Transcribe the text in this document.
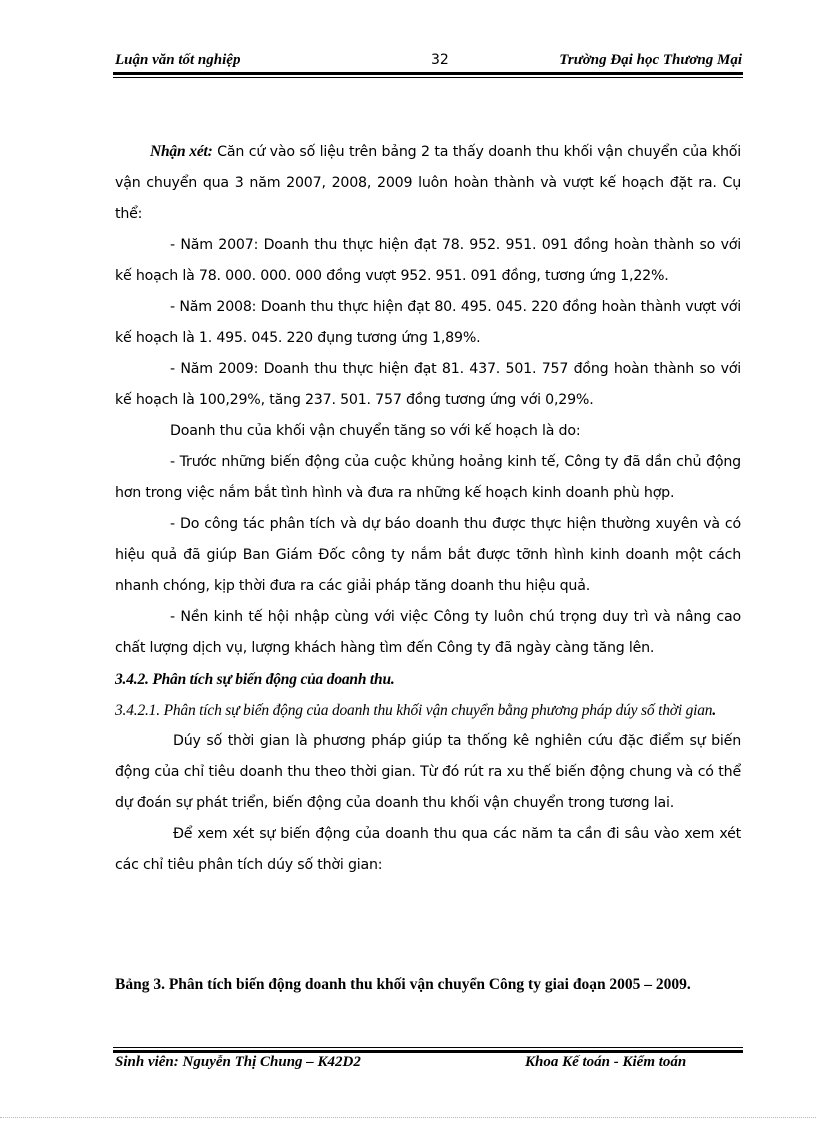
Luận văn tốt nghiệp	32	Trường Đại học Thương Mại

Nhận xét: Căn cứ vào số liệu trên bảng 2 ta thấy doanh thu khối vận chuyển của khối vận chuyển qua 3 năm 2007, 2008, 2009 luôn hoàn thành và vượt kế hoạch đặt ra. Cụ thể:

- Năm 2007: Doanh thu thực hiện đạt 78. 952. 951. 091 đồng hoàn thành so với kế hoạch là 78. 000. 000. 000 đồng vượt 952. 951. 091 đồng, tương ứng 1,22%.

- Năm 2008: Doanh thu thực hiện đạt 80. 495. 045. 220 đồng hoàn thành vượt với kế hoạch là 1. 495. 045. 220 đụng tương ứng 1,89%.

- Năm 2009: Doanh thu thực hiện đạt 81. 437. 501. 757 đồng hoàn thành so với kế hoạch là 100,29%, tăng 237. 501. 757 đồng tương ứng với 0,29%.

Doanh thu của khối vận chuyển tăng so với kế hoạch là do:

- Trước những biến động của cuộc khủng hoảng kinh tế, Công ty đã dần chủ động hơn trong việc nắm bắt tình hình và đưa ra những kế hoạch kinh doanh phù hợp.

- Do công tác phân tích và dự báo doanh thu được thực hiện thường xuyên và có hiệu quả đã giúp Ban Giám Đốc công ty nắm bắt được tỡnh hình kinh doanh một cách nhanh chóng, kịp thời đưa ra các giải pháp tăng doanh thu hiệu quả.

- Nền kinh tế hội nhập cùng với việc Công ty luôn chú trọng duy trì và nâng cao chất lượng dịch vụ, lượng khách hàng tìm đến Công ty đã ngày càng tăng lên.

3.4.2. Phân tích sự biến động của doanh thu.

3.4.2.1. Phân tích sự biến động của doanh thu khối vận chuyển bằng phương pháp dúy số thời gian.

Dúy số thời gian là phương pháp giúp ta thống kê nghiên cứu đặc điểm sự biến động của chỉ tiêu doanh thu theo thời gian. Từ đó rút ra xu thế biến động chung và có thể dự đoán sự phát triển, biến động của doanh thu khối vận chuyển trong tương lai.

Để xem xét sự biến động của doanh thu qua các năm ta cần đi sâu vào xem xét các chỉ tiêu phân tích dúy số thời gian:

Bảng 3. Phân tích biến động doanh thu khối vận chuyển Công ty giai đoạn 2005 – 2009.
Sinh viên: Nguyễn Thị Chung – K42D2	Khoa Kế toán - Kiểm toán
